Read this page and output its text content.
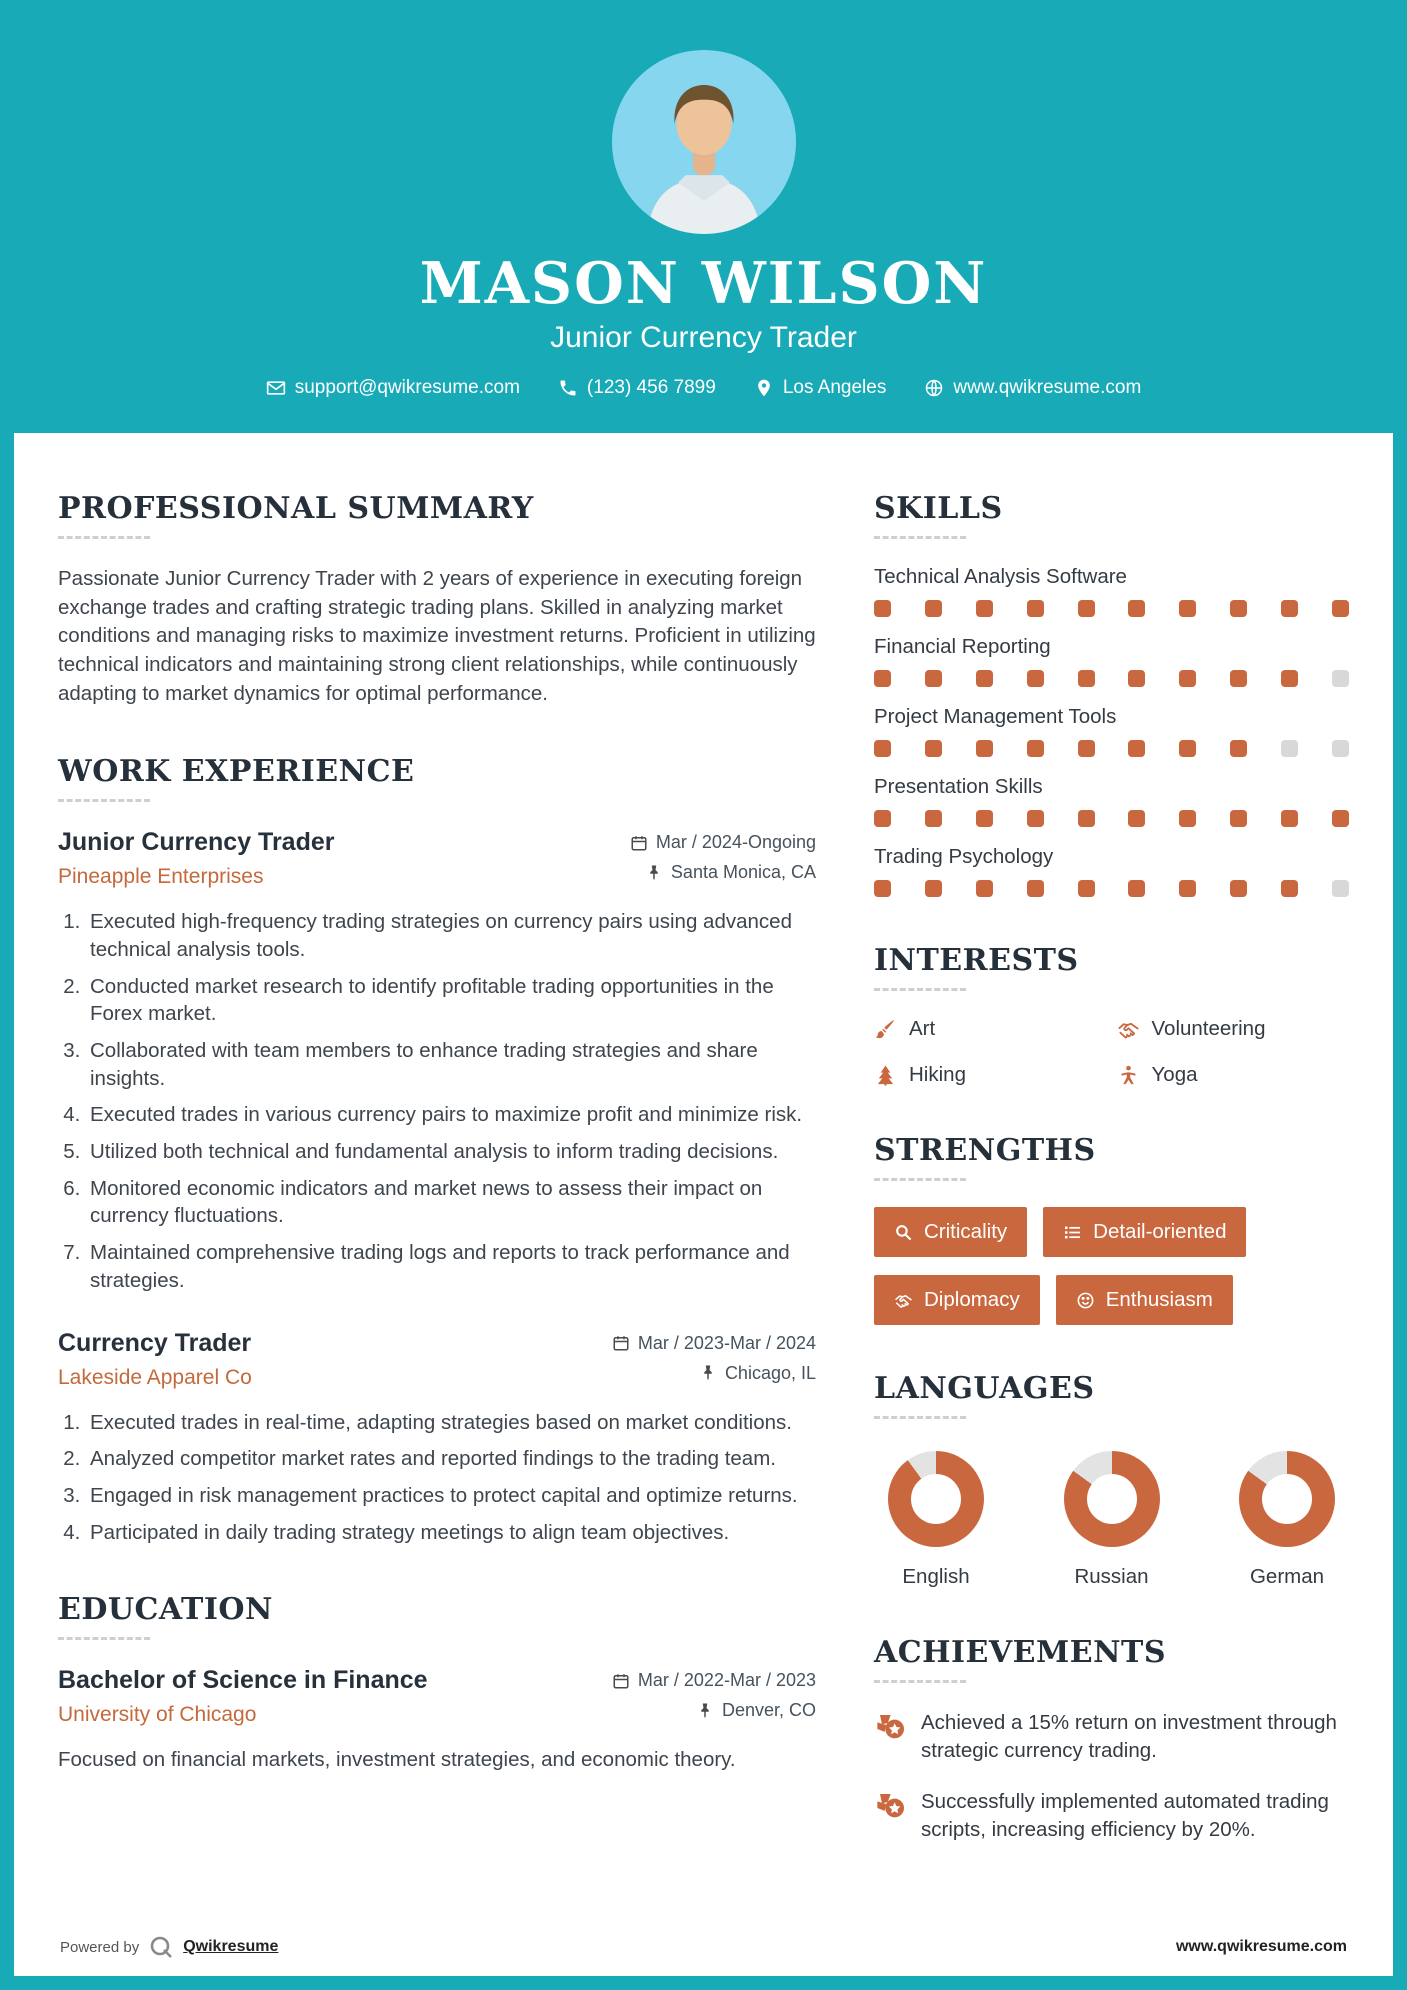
MASON WILSON
Junior Currency Trader
support@qwikresume.com	(123) 456 7899	Los Angeles	www.qwikresume.com
PROFESSIONAL SUMMARY

Passionate Junior Currency Trader with 2 years of experience in executing foreign exchange trades and crafting strategic trading plans. Skilled in analyzing market conditions and managing risks to maximize investment returns. Proficient in utilizing technical indicators and maintaining strong client relationships, while continuously adapting to market dynamics for optimal performance.

WORK EXPERIENCE
Junior Currency Trader
Pineapple Enterprises
Mar / 2024-Ongoing
Santa Monica, CA
1. Executed high-frequency trading strategies on currency pairs using advanced technical analysis tools.
2. Conducted market research to identify profitable trading opportunities in the Forex market.
3. Collaborated with team members to enhance trading strategies and share insights.
4. Executed trades in various currency pairs to maximize profit and minimize risk.
5. Utilized both technical and fundamental analysis to inform trading decisions.
6. Monitored economic indicators and market news to assess their impact on currency fluctuations.
7. Maintained comprehensive trading logs and reports to track performance and strategies.
Currency Trader
Lakeside Apparel Co
Mar / 2023-Mar / 2024
Chicago, IL
1. Executed trades in real-time, adapting strategies based on market conditions.
2. Analyzed competitor market rates and reported findings to the trading team.
3. Engaged in risk management practices to protect capital and optimize returns.
4. Participated in daily trading strategy meetings to align team objectives.
EDUCATION
Bachelor of Science in Finance
University of Chicago
Mar / 2022-Mar / 2023
Denver, CO

Focused on financial markets, investment strategies, and economic theory.

SKILLS
Technical Analysis Software
Financial Reporting
Project Management Tools
Presentation Skills
Trading Psychology
INTERESTS
Art	Volunteering
Hiking	Yoga
STRENGTHS
Criticality	Detail-oriented
Diplomacy	Enthusiasm
LANGUAGES
English	Russian	German
ACHIEVEMENTS

Achieved a 15% return on investment through strategic currency trading.

Successfully implemented automated trading scripts, increasing efficiency by 20%.

Powered by	Qwikresume	www.qwikresume.com
